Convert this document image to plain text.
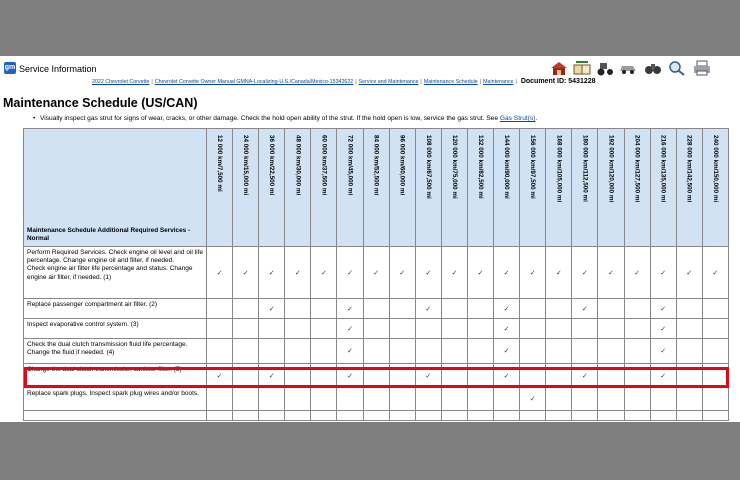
gm Service Information
2022 Chevrolet Corvette | Chevrolet Corvette Owner Manual GMNA-Localizing-U.S./Canada/Mexico-15342622 | Service and Maintenance | Maintenance Schedule | Maintenance | Document ID: 5431228
Maintenance Schedule (US/CAN)
• Visually inspect gas strut for signs of wear, cracks, or other damage. Check the hold open ability of the strut. If the hold open is low, service the gas strut. See Gas Strut(s).
Maintenance Schedule Additional Required Services - Normal	12 000 km/7,500 mi	24 000 km/15,000 mi	36 000 km/22,500 mi	48 000 km/30,000 mi	60 000 km/37,500 mi	72 000 km/45,000 mi	84 000 km/52,500 mi	96 000 km/60,000 mi	108 000 km/67,500 mi	120 000 km/75,000 mi	132 000 km/82,500 mi	144 000 km/90,000 mi	156 000 km/97,500 mi	168 000 km/105,000 mi	180 000 km/112,500 mi	192 000 km/120,000 mi	204 000 km/127,500 mi	216 000 km/135,000 mi	228 000 km/142,500 mi	240 000 km/150,000 mi

Perform Required Services. Check engine oil level and oil life percentage. Change engine oil and filter, if needed.
Check engine air filter life percentage and status. Change engine air filter, if needed. (1)	✓	✓	✓	✓	✓	✓	✓	✓	✓	✓	✓	✓	✓	✓	✓	✓	✓	✓	✓	✓
Replace passenger compartment air filter. (2)			✓			✓			✓			✓			✓			✓		
Inspect evaporative control system. (3)						✓						✓						✓		
Check the dual clutch transmission fluid life percentage. Change the fluid if needed. (4)						✓						✓						✓		
Change the dual clutch transmission canister filter. (5)	✓		✓			✓			✓			✓			✓			✓		
Replace spark plugs. Inspect spark plug wires and/or boots.													✓							
